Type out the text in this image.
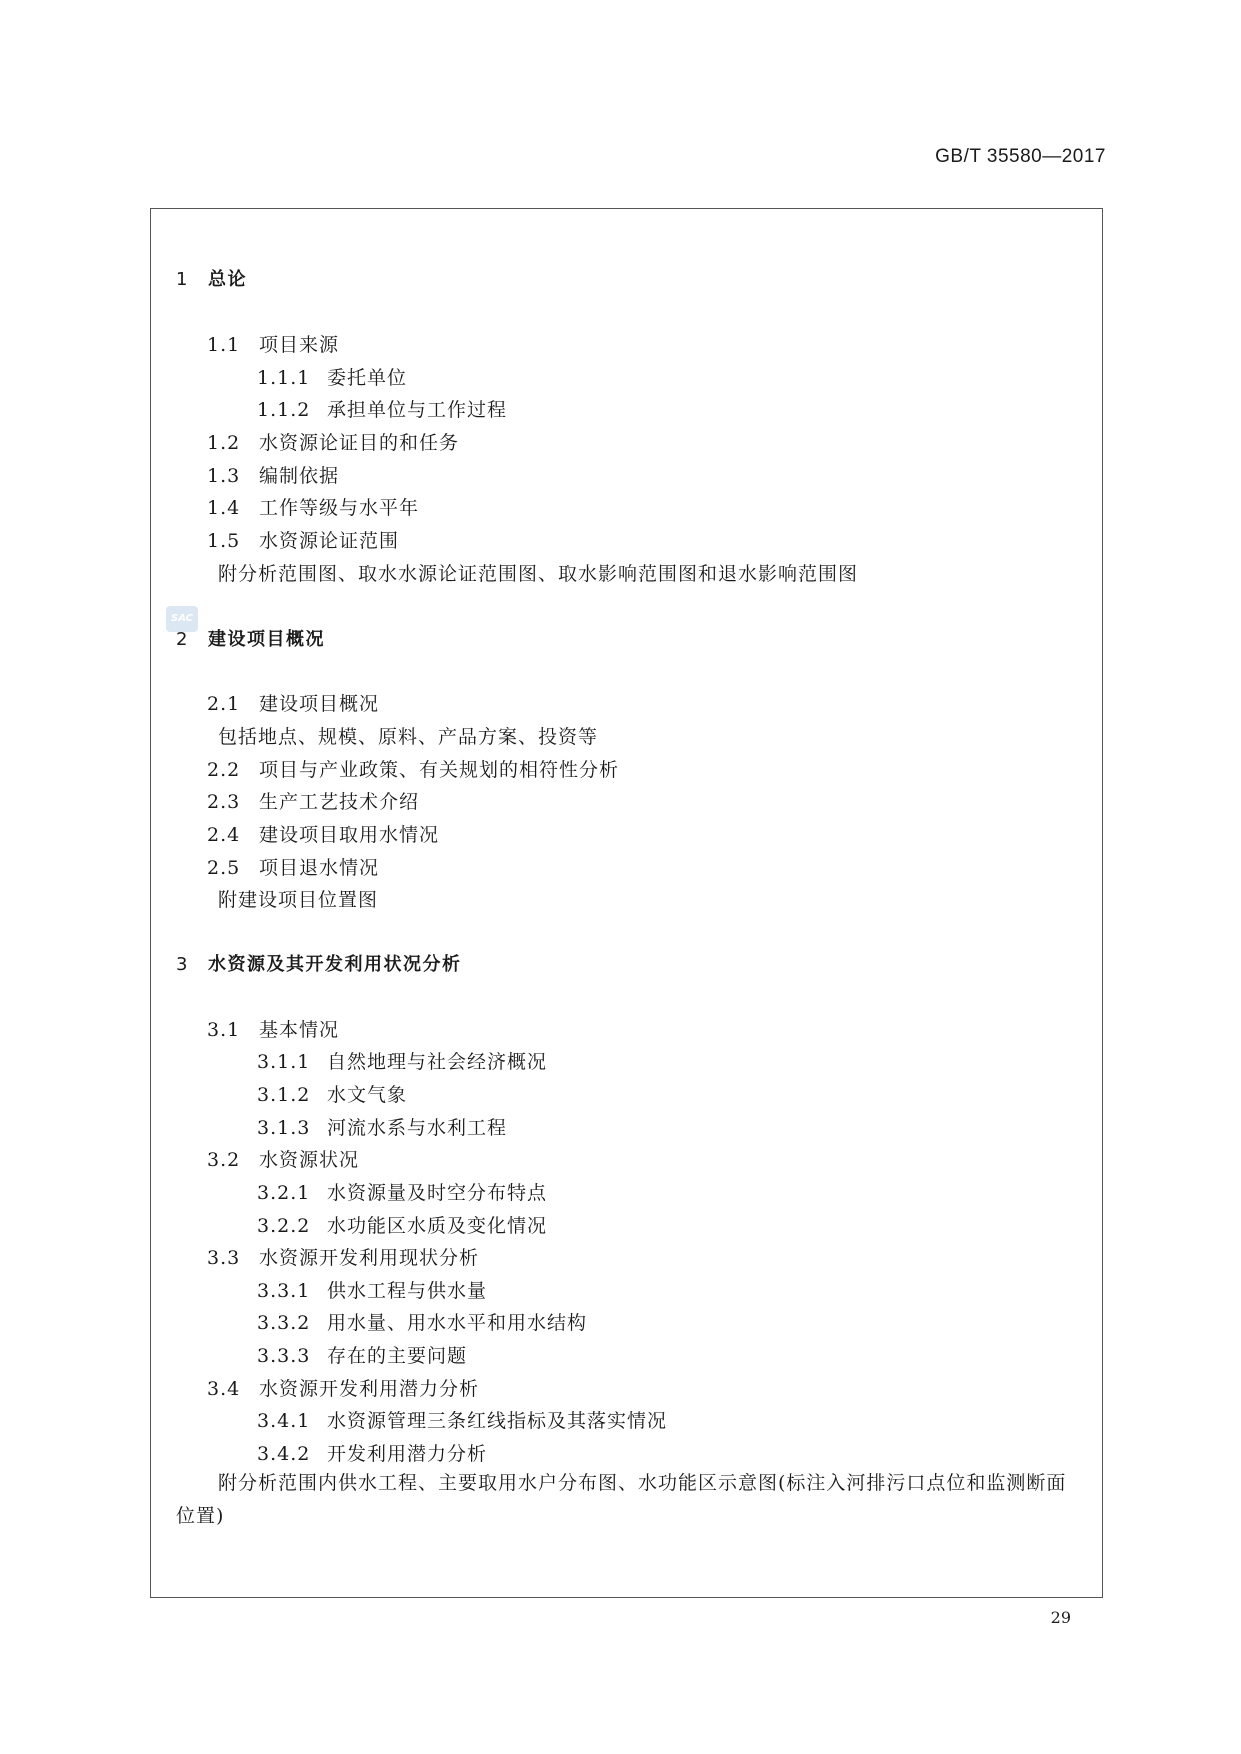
GB/T 35580—2017
SAC
1 总论
1.1 项目来源
1.1.1 委托单位
1.1.2 承担单位与工作过程
1.2 水资源论证目的和任务
1.3 编制依据
1.4 工作等级与水平年
1.5 水资源论证范围
附分析范围图、取水水源论证范围图、取水影响范围图和退水影响范围图
2 建设项目概况
2.1 建设项目概况
包括地点、规模、原料、产品方案、投资等
2.2 项目与产业政策、有关规划的相符性分析
2.3 生产工艺技术介绍
2.4 建设项目取用水情况
2.5 项目退水情况
附建设项目位置图
3 水资源及其开发利用状况分析
3.1 基本情况
3.1.1 自然地理与社会经济概况
3.1.2 水文气象
3.1.3 河流水系与水利工程
3.2 水资源状况
3.2.1 水资源量及时空分布特点
3.2.2 水功能区水质及变化情况
3.3 水资源开发利用现状分析
3.3.1 供水工程与供水量
3.3.2 用水量、用水水平和用水结构
3.3.3 存在的主要问题
3.4 水资源开发利用潜力分析
3.4.1 水资源管理三条红线指标及其落实情况
3.4.2 开发利用潜力分析
附分析范围内供水工程、主要取用水户分布图、水功能区示意图(标注入河排污口点位和监测断面位置)
29
